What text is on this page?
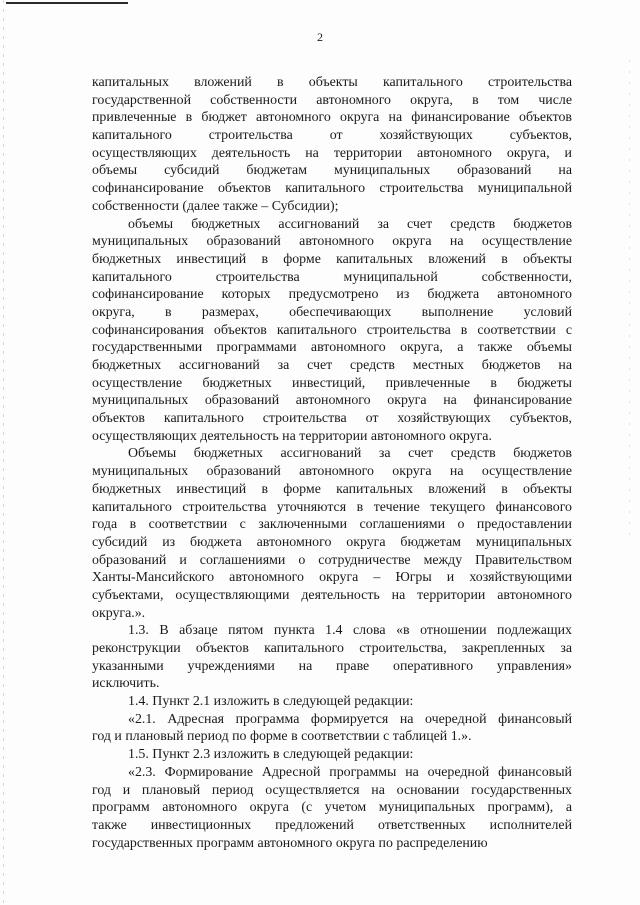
2
капитальных вложений в объекты капитального строительства
государственной собственности автономного округа, в том числе
привлеченные в бюджет автономного округа на финансирование объектов
капитального строительства от хозяйствующих субъектов,
осуществляющих деятельность на территории автономного округа, и
объемы субсидий бюджетам муниципальных образований на
софинансирование объектов капитального строительства муниципальной
собственности (далее также – Субсидии);
объемы бюджетных ассигнований за счет средств бюджетов
муниципальных образований автономного округа на осуществление
бюджетных инвестиций в форме капитальных вложений в объекты
капитального строительства муниципальной собственности,
софинансирование которых предусмотрено из бюджета автономного
округа, в размерах, обеспечивающих выполнение условий
софинансирования объектов капитального строительства в соответствии с
государственными программами автономного округа, а также объемы
бюджетных ассигнований за счет средств местных бюджетов на
осуществление бюджетных инвестиций, привлеченные в бюджеты
муниципальных образований автономного округа на финансирование
объектов капитального строительства от хозяйствующих субъектов,
осуществляющих деятельность на территории автономного округа.
Объемы бюджетных ассигнований за счет средств бюджетов
муниципальных образований автономного округа на осуществление
бюджетных инвестиций в форме капитальных вложений в объекты
капитального строительства уточняются в течение текущего финансового
года в соответствии с заключенными соглашениями о предоставлении
субсидий из бюджета автономного округа бюджетам муниципальных
образований и соглашениями о сотрудничестве между Правительством
Ханты-Мансийского автономного округа – Югры и хозяйствующими
субъектами, осуществляющими деятельность на территории автономного
округа.».
1.3. В абзаце пятом пункта 1.4 слова «в отношении подлежащих
реконструкции объектов капитального строительства, закрепленных за
указанными учреждениями на праве оперативного управления»
исключить.
1.4. Пункт 2.1 изложить в следующей редакции:
«2.1. Адресная программа формируется на очередной финансовый
год и плановый период по форме в соответствии с таблицей 1.».
1.5. Пункт 2.3 изложить в следующей редакции:
«2.3. Формирование Адресной программы на очередной финансовый
год и плановый период осуществляется на основании государственных
программ автономного округа (с учетом муниципальных программ), а
также инвестиционных предложений ответственных исполнителей
государственных программ автономного округа по распределению
